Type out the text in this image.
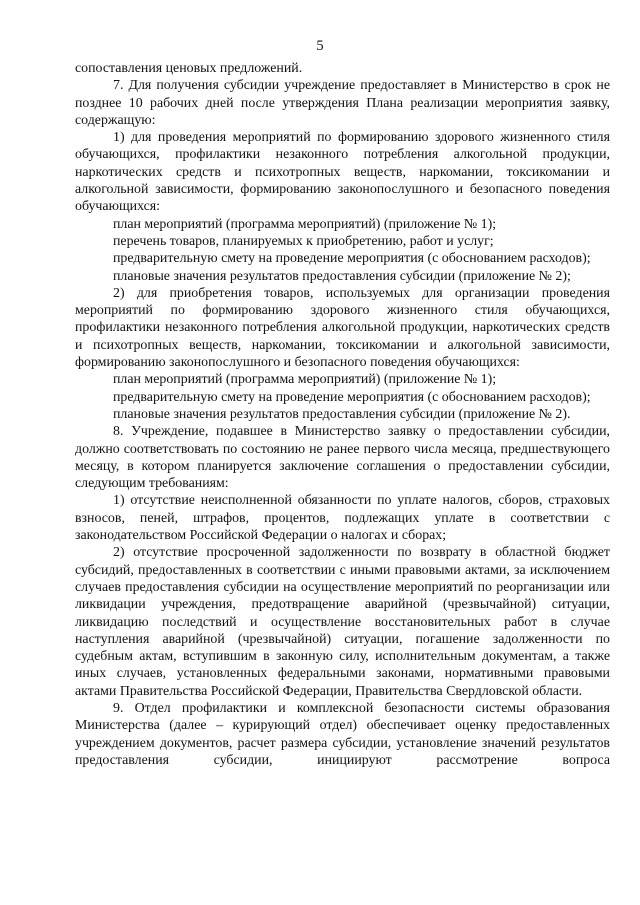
5

сопоставления ценовых предложений.

7. Для получения субсидии учреждение предоставляет в Министерство в срок не позднее 10 рабочих дней после утверждения Плана реализации мероприятия заявку, содержащую:

1) для проведения мероприятий по формированию здорового жизненного стиля обучающихся, профилактики незаконного потребления алкогольной продукции, наркотических средств и психотропных веществ, наркомании, токсикомании и алкогольной зависимости, формированию законопослушного и безопасного поведения обучающихся:

план мероприятий (программа мероприятий) (приложение № 1);

перечень товаров, планируемых к приобретению, работ и услуг;

предварительную смету на проведение мероприятия (с обоснованием расходов);

плановые значения результатов предоставления субсидии (приложение № 2);

2) для приобретения товаров, используемых для организации проведения мероприятий по формированию здорового жизненного стиля обучающихся, профилактики незаконного потребления алкогольной продукции, наркотических средств и психотропных веществ, наркомании, токсикомании и алкогольной зависимости, формированию законопослушного и безопасного поведения обучающихся:

план мероприятий (программа мероприятий) (приложение № 1);

предварительную смету на проведение мероприятия (с обоснованием расходов);

плановые значения результатов предоставления субсидии (приложение № 2).

8. Учреждение, подавшее в Министерство заявку о предоставлении субсидии, должно соответствовать по состоянию не ранее первого числа месяца, предшествующего месяцу, в котором планируется заключение соглашения о предоставлении субсидии, следующим требованиям:

1) отсутствие неисполненной обязанности по уплате налогов, сборов, страховых взносов, пеней, штрафов, процентов, подлежащих уплате в соответствии с законодательством Российской Федерации о налогах и сборах;

2) отсутствие просроченной задолженности по возврату в областной бюджет субсидий, предоставленных в соответствии с иными правовыми актами, за исключением случаев предоставления субсидии на осуществление мероприятий по реорганизации или ликвидации учреждения, предотвращение аварийной (чрезвычайной) ситуации, ликвидацию последствий и осуществление восстановительных работ в случае наступления аварийной (чрезвычайной) ситуации, погашение задолженности по судебным актам, вступившим в законную силу, исполнительным документам, а также иных случаев, установленных федеральными законами, нормативными правовыми актами Правительства Российской Федерации, Правительства Свердловской области.

9. Отдел профилактики и комплексной безопасности системы образования Министерства (далее – курирующий отдел) обеспечивает оценку предоставленных учреждением документов, расчет размера субсидии, установление значений результатов предоставления субсидии, инициируют рассмотрение вопроса
